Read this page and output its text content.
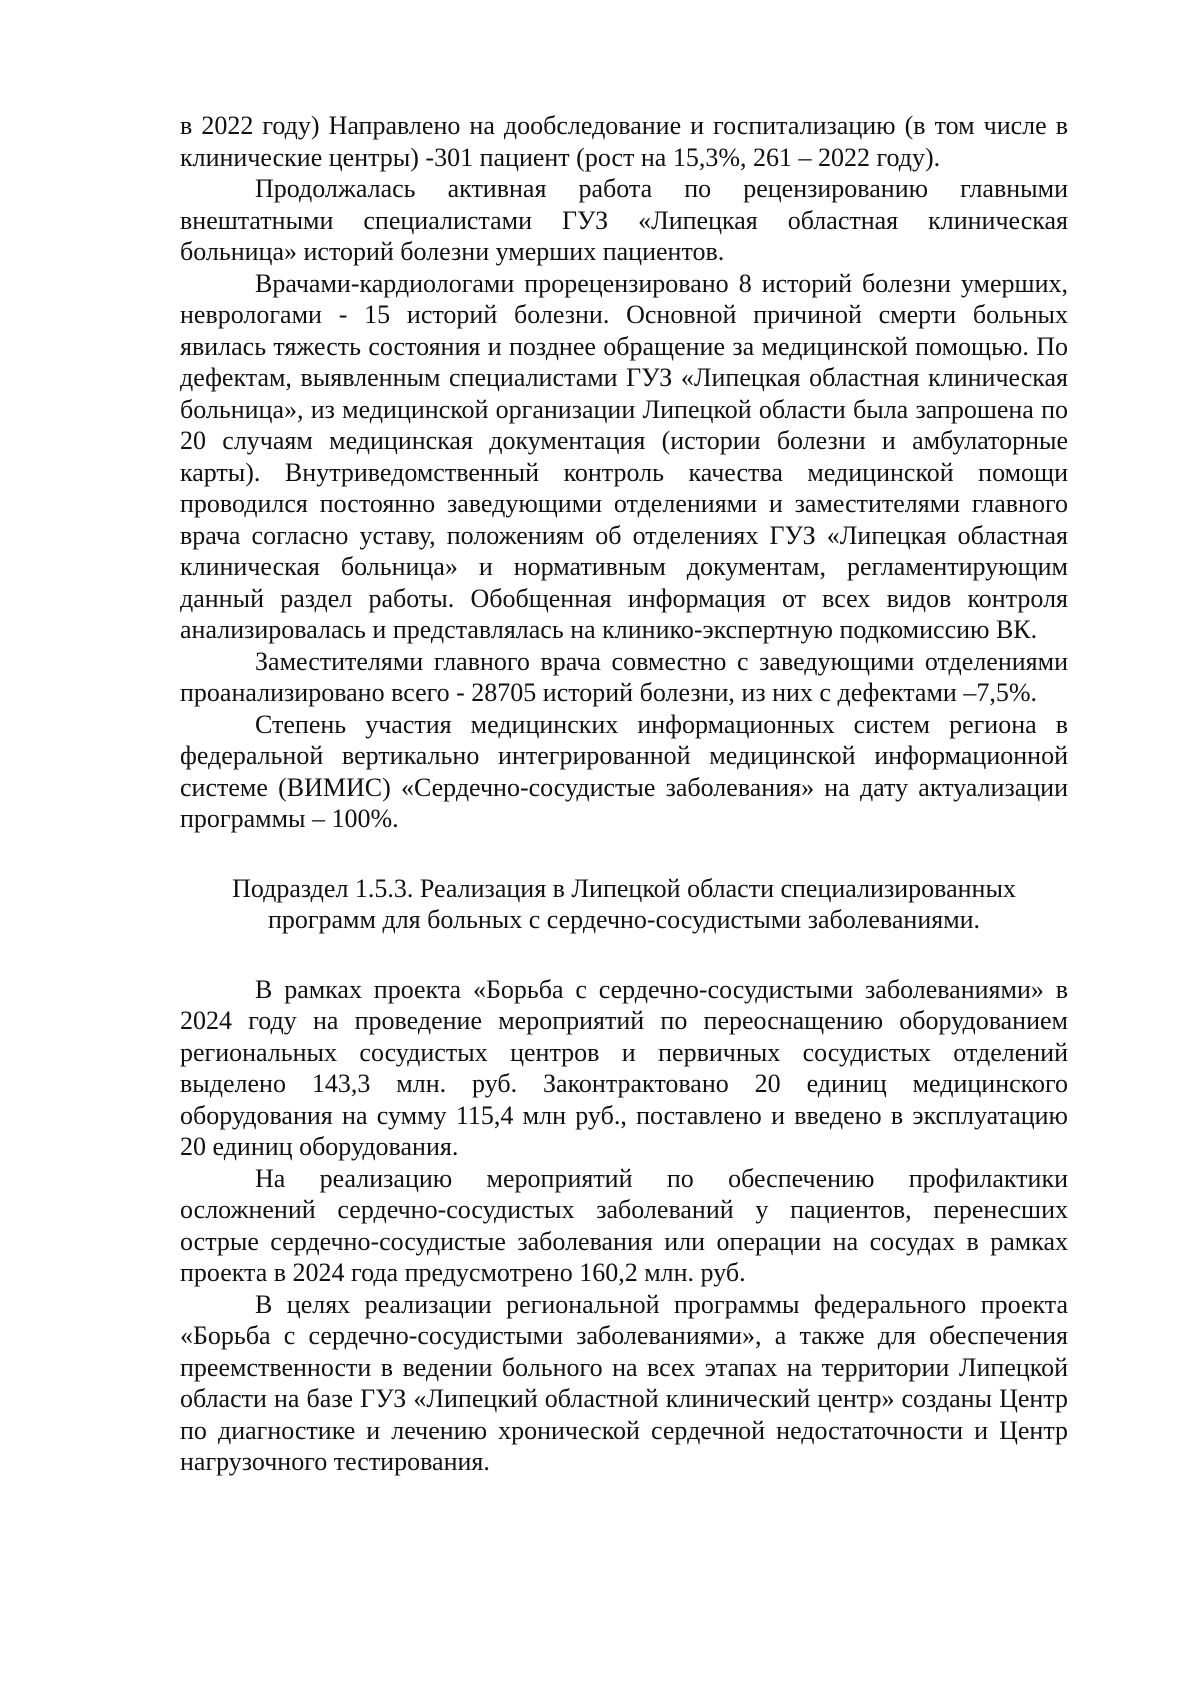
в 2022 году) Направлено на дообследование и госпитализацию (в том числе в клинические центры) -301 пациент (рост на 15,3%, 261 – 2022 году).

Продолжалась активная работа по рецензированию главными внештатными специалистами ГУЗ «Липецкая областная клиническая больница» историй болезни умерших пациентов.

Врачами-кардиологами прорецензировано 8 историй болезни умерших, неврологами - 15 историй болезни. Основной причиной смерти больных явилась тяжесть состояния и позднее обращение за медицинской помощью. По дефектам, выявленным специалистами ГУЗ «Липецкая областная клиническая больница», из медицинской организации Липецкой области была запрошена по 20 случаям медицинская документация (истории болезни и амбулаторные карты). Внутриведомственный контроль качества медицинской помощи проводился постоянно заведующими отделениями и заместителями главного врача согласно уставу, положениям об отделениях ГУЗ «Липецкая областная клиническая больница» и нормативным документам, регламентирующим данный раздел работы. Обобщенная информация от всех видов контроля анализировалась и представлялась на клинико-экспертную подкомиссию ВК.

Заместителями главного врача совместно с заведующими отделениями проанализировано всего - 28705 историй болезни, из них с дефектами –7,5%.

Степень участия медицинских информационных систем региона в федеральной вертикально интегрированной медицинской информационной системе (ВИМИС) «Сердечно-сосудистые заболевания» на дату актуализации программы – 100%.

Подраздел 1.5.3. Реализация в Липецкой области специализированных программ для больных с сердечно-сосудистыми заболеваниями.

В рамках проекта «Борьба с сердечно-сосудистыми заболеваниями» в 2024 году на проведение мероприятий по переоснащению оборудованием региональных сосудистых центров и первичных сосудистых отделений выделено 143,3 млн. руб. Законтрактовано 20 единиц медицинского оборудования на сумму 115,4 млн руб., поставлено и введено в эксплуатацию 20 единиц оборудования.

На реализацию мероприятий по обеспечению профилактики осложнений сердечно-сосудистых заболеваний у пациентов, перенесших острые сердечно-сосудистые заболевания или операции на сосудах в рамках проекта в 2024 года предусмотрено 160,2 млн. руб.

В целях реализации региональной программы федерального проекта «Борьба с сердечно-сосудистыми заболеваниями», а также для обеспечения преемственности в ведении больного на всех этапах на территории Липецкой области на базе ГУЗ «Липецкий областной клинический центр» созданы Центр по диагностике и лечению хронической сердечной недостаточности и Центр нагрузочного тестирования.
